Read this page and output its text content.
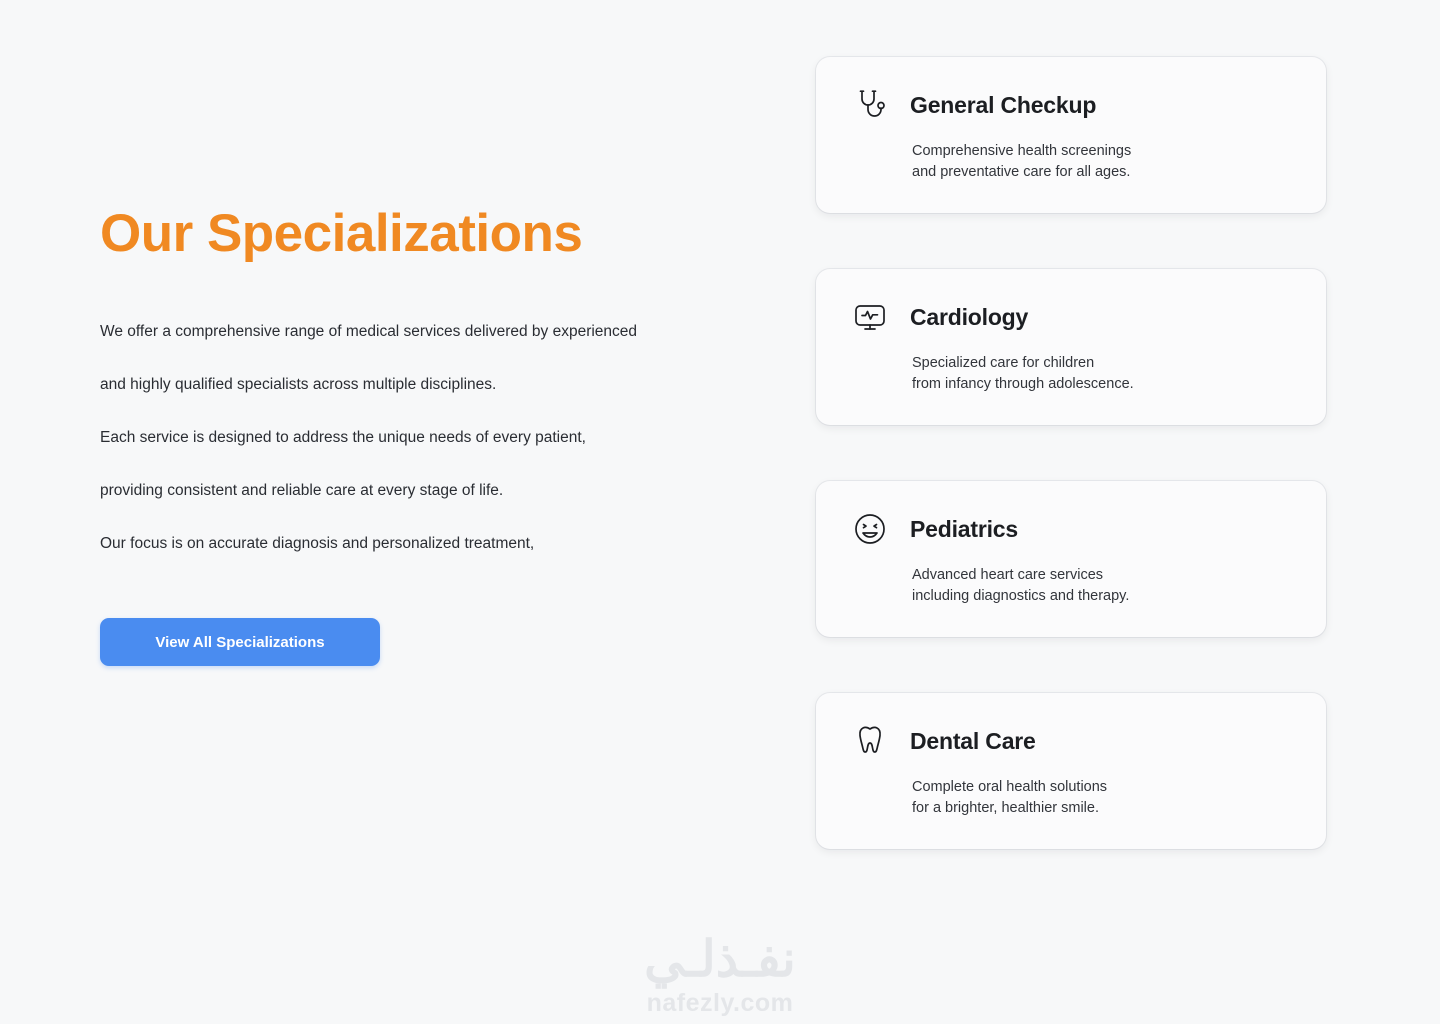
Our Specializations

We offer a comprehensive range of medical services delivered by experienced

and highly qualified specialists across multiple disciplines.

Each service is designed to address the unique needs of every patient,

providing consistent and reliable care at every stage of life.

Our focus is on accurate diagnosis and personalized treatment,

View All Specializations
General Checkup
Comprehensive health screenings
and preventative care for all ages.
Cardiology
Specialized care for children
from infancy through adolescence.
Pediatrics
Advanced heart care services
including diagnostics and therapy.
Dental Care
Complete oral health solutions
for a brighter, healthier smile.
نفـذلـي
nafezly.com
